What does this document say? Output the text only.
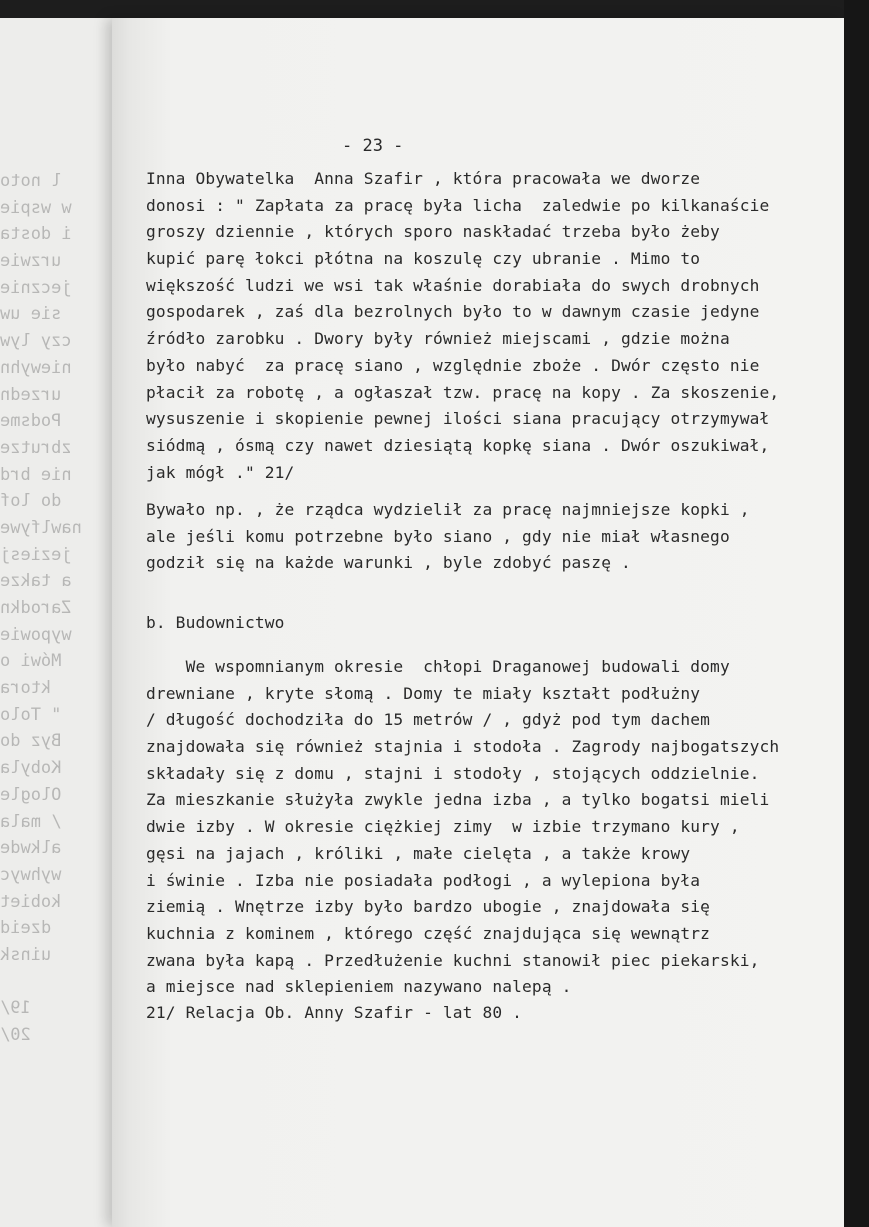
l noto
w wspie
i dosta
urzwie
jecznie
sie uw
czy lyw
niewyhn
urzedn
Podsme
zbrutze
nie brd
do lof
nawlfywe
jeziesj
a takze
Zarodkn
wypowie
Mówi o
ktora
" Tolo
Byz do
Kobyla
Ologle
/ mala
alkwde
wyhwyc
kobiet
dzeid
uinsk
19/
20/
- 23 -
Inna Obywatelka  Anna Szafir , która pracowała we dworze
donosi : " Zapłata za pracę była licha  zaledwie po kilkanaście
groszy dziennie , których sporo naskładać trzeba było żeby
kupić parę łokci płótna na koszulę czy ubranie . Mimo to
większość ludzi we wsi tak właśnie dorabiała do swych drobnych
gospodarek , zaś dla bezrolnych było to w dawnym czasie jedyne
źródło zarobku . Dwory były również miejscami , gdzie można
było nabyć  za pracę siano , względnie zboże . Dwór często nie
płacił za robotę , a ogłaszał tzw. pracę na kopy . Za skoszenie,
wysuszenie i skopienie pewnej ilości siana pracujący otrzymywał
siódmą , ósmą czy nawet dziesiątą kopkę siana . Dwór oszukiwał,
jak mógł ." 21/
Bywało np. , że rządca wydzielił za pracę najmniejsze kopki ,
ale jeśli komu potrzebne było siano , gdy nie miał własnego
godził się na każde warunki , byle zdobyć paszę .
b. Budownictwo
We wspomnianym okresie  chłopi Draganowej budowali domy
drewniane , kryte słomą . Domy te miały kształt podłużny
/ długość dochodziła do 15 metrów / , gdyż pod tym dachem
znajdowała się również stajnia i stodoła . Zagrody najbogatszych
składały się z domu , stajni i stodoły , stojących oddzielnie.
Za mieszkanie służyła zwykle jedna izba , a tylko bogatsi mieli
dwie izby . W okresie ciężkiej zimy  w izbie trzymano kury ,
gęsi na jajach , króliki , małe cielęta , a także krowy
i świnie . Izba nie posiadała podłogi , a wylepiona była
ziemią . Wnętrze izby było bardzo ubogie , znajdowała się
kuchnia z kominem , którego część znajdująca się wewnątrz
zwana była kapą . Przedłużenie kuchni stanowił piec piekarski,
a miejsce nad sklepieniem nazywano nalepą .
21/ Relacja Ob. Anny Szafir - lat 80 .
